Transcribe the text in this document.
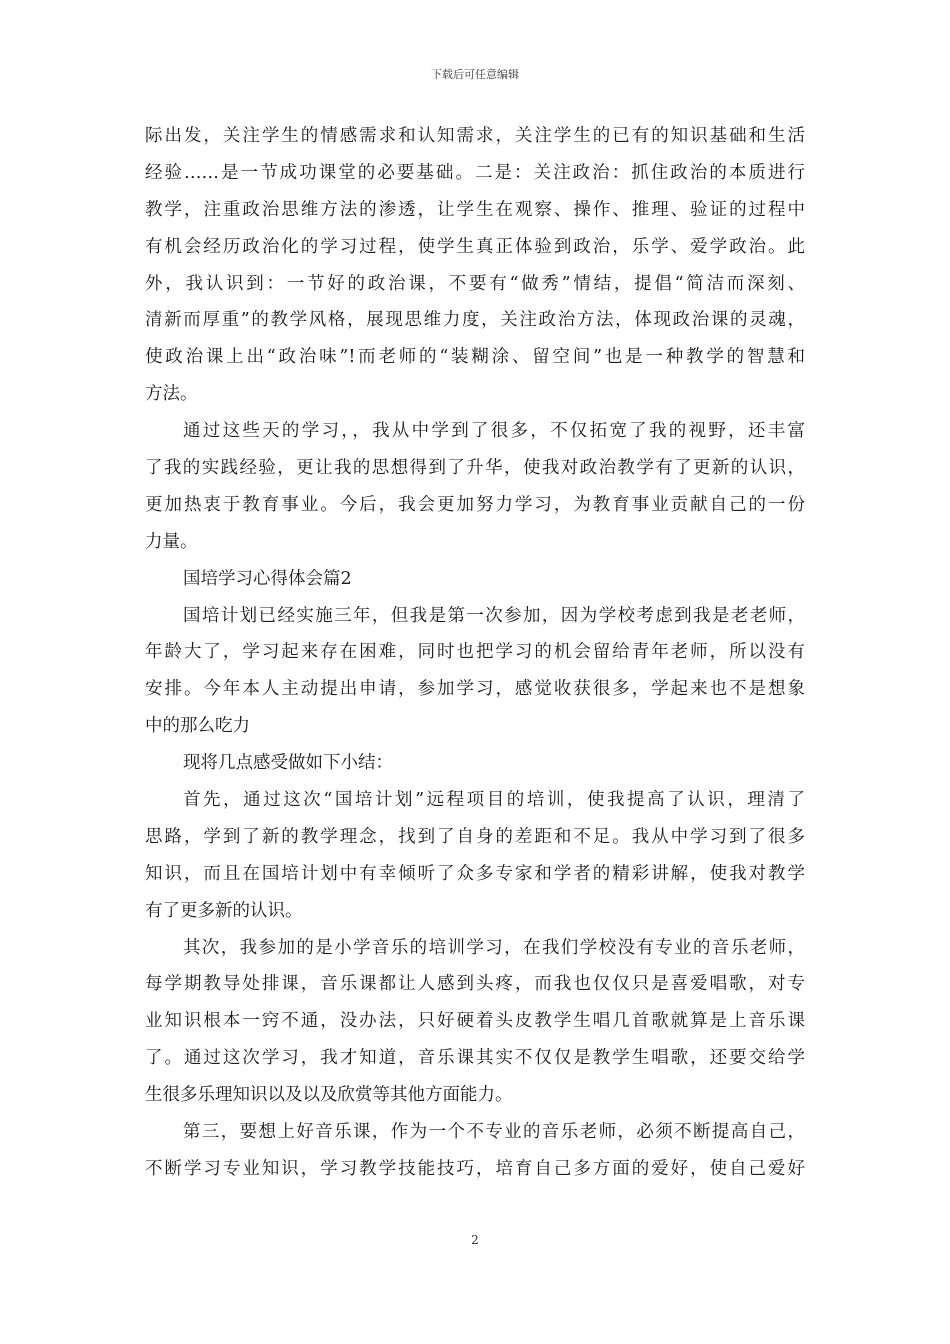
下载后可任意编辑
际出发，关注学生的情感需求和认知需求，关注学生的已有的知识基础和生活
经验……是一节成功课堂的必要基础。二是：关注政治：抓住政治的本质进行
教学，注重政治思维方法的渗透，让学生在观察、操作、推理、验证的过程中
有机会经历政治化的学习过程，使学生真正体验到政治，乐学、爱学政治。此
外，我认识到：一节好的政治课，不要有“做秀”情结，提倡“简洁而深刻、
清新而厚重”的教学风格，展现思维力度，关注政治方法，体现政治课的灵魂，
使政治课上出“政治味”!而老师的“装糊涂、留空间”也是一种教学的智慧和
方法。
通过这些天的学习，，我从中学到了很多，不仅拓宽了我的视野，还丰富
了我的实践经验，更让我的思想得到了升华，使我对政治教学有了更新的认识，
更加热衷于教育事业。今后，我会更加努力学习，为教育事业贡献自己的一份
力量。
国培学习心得体会篇2
国培计划已经实施三年，但我是第一次参加，因为学校考虑到我是老老师，
年龄大了，学习起来存在困难，同时也把学习的机会留给青年老师，所以没有
安排。今年本人主动提出申请，参加学习，感觉收获很多，学起来也不是想象
中的那么吃力
现将几点感受做如下小结：
首先，通过这次“国培计划”远程项目的培训，使我提高了认识，理清了
思路，学到了新的教学理念，找到了自身的差距和不足。我从中学习到了很多
知识，而且在国培计划中有幸倾听了众多专家和学者的精彩讲解，使我对教学
有了更多新的认识。
其次，我参加的是小学音乐的培训学习，在我们学校没有专业的音乐老师，
每学期教导处排课，音乐课都让人感到头疼，而我也仅仅只是喜爱唱歌，对专
业知识根本一窍不通，没办法，只好硬着头皮教学生唱几首歌就算是上音乐课
了。通过这次学习，我才知道，音乐课其实不仅仅是教学生唱歌，还要交给学
生很多乐理知识以及以及欣赏等其他方面能力。
第三，要想上好音乐课，作为一个不专业的音乐老师，必须不断提高自己，
不断学习专业知识，学习教学技能技巧，培育自己多方面的爱好，使自己爱好
2
